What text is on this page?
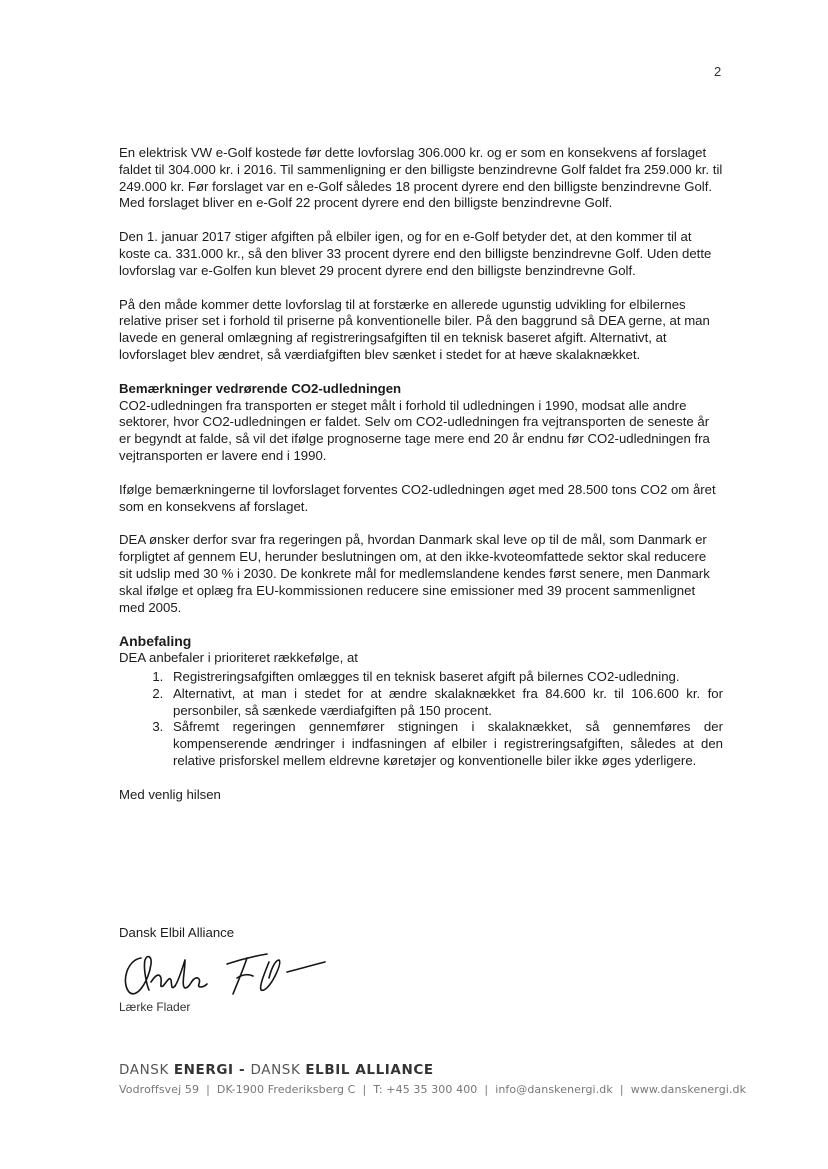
2

En elektrisk VW e-Golf kostede før dette lovforslag 306.000 kr. og er som en konsekvens af forslaget faldet til 304.000 kr. i 2016. Til sammenligning er den billigste benzindrevne Golf faldet fra 259.000 kr. til 249.000 kr. Før forslaget var en e-Golf således 18 procent dyrere end den billigste benzindrevne Golf. Med forslaget bliver en e-Golf 22 procent dyrere end den billigste benzindrevne Golf.

Den 1. januar 2017 stiger afgiften på elbiler igen, og for en e-Golf betyder det, at den kommer til at koste ca. 331.000 kr., så den bliver 33 procent dyrere end den billigste benzindrevne Golf. Uden dette lovforslag var e-Golfen kun blevet 29 procent dyrere end den billigste benzindrevne Golf.

På den måde kommer dette lovforslag til at forstærke en allerede ugunstig udvikling for elbilernes relative priser set i forhold til priserne på konventionelle biler. På den baggrund så DEA gerne, at man lavede en general omlægning af registreringsafgiften til en teknisk baseret afgift. Alternativt, at lovforslaget blev ændret, så værdiafgiften blev sænket i stedet for at hæve skalaknækket.

Bemærkninger vedrørende CO2-udledningen

CO2-udledningen fra transporten er steget målt i forhold til udledningen i 1990, modsat alle andre sektorer, hvor CO2-udledningen er faldet. Selv om CO2-udledningen fra vejtransporten de seneste år er begyndt at falde, så vil det ifølge prognoserne tage mere end 20 år endnu før CO2-udledningen fra vejtransporten er lavere end i 1990.

Ifølge bemærkningerne til lovforslaget forventes CO2-udledningen øget med 28.500 tons CO2 om året som en konsekvens af forslaget.

DEA ønsker derfor svar fra regeringen på, hvordan Danmark skal leve op til de mål, som Danmark er forpligtet af gennem EU, herunder beslutningen om, at den ikke-kvoteomfattede sektor skal reducere sit udslip med 30 % i 2030. De konkrete mål for medlemslandene kendes først senere, men Danmark skal ifølge et oplæg fra EU-kommissionen reducere sine emissioner med 39 procent sammenlignet med 2005.

Anbefaling
DEA anbefaler i prioriteret rækkefølge, at
1. Registreringsafgiften omlægges til en teknisk baseret afgift på bilernes CO2-udledning.
2. Alternativt, at man i stedet for at ændre skalaknækket fra 84.600 kr. til 106.600 kr. for personbiler, så sænkede værdiafgiften på 150 procent.
3. Såfremt regeringen gennemfører stigningen i skalaknækket, så gennemføres der kompenserende ændringer i indfasningen af elbiler i registreringsafgiften, således at den relative prisforskel mellem eldrevne køretøjer og konventionelle biler ikke øges yderligere.

Med venlig hilsen

Dansk Elbil Alliance
Lærke Flader
DANSK ENERGI - DANSK ELBIL ALLIANCE
Vodroffsvej 59 | DK-1900 Frederiksberg C | T: +45 35 300 400 | info@danskenergi.dk | www.danskenergi.dk
